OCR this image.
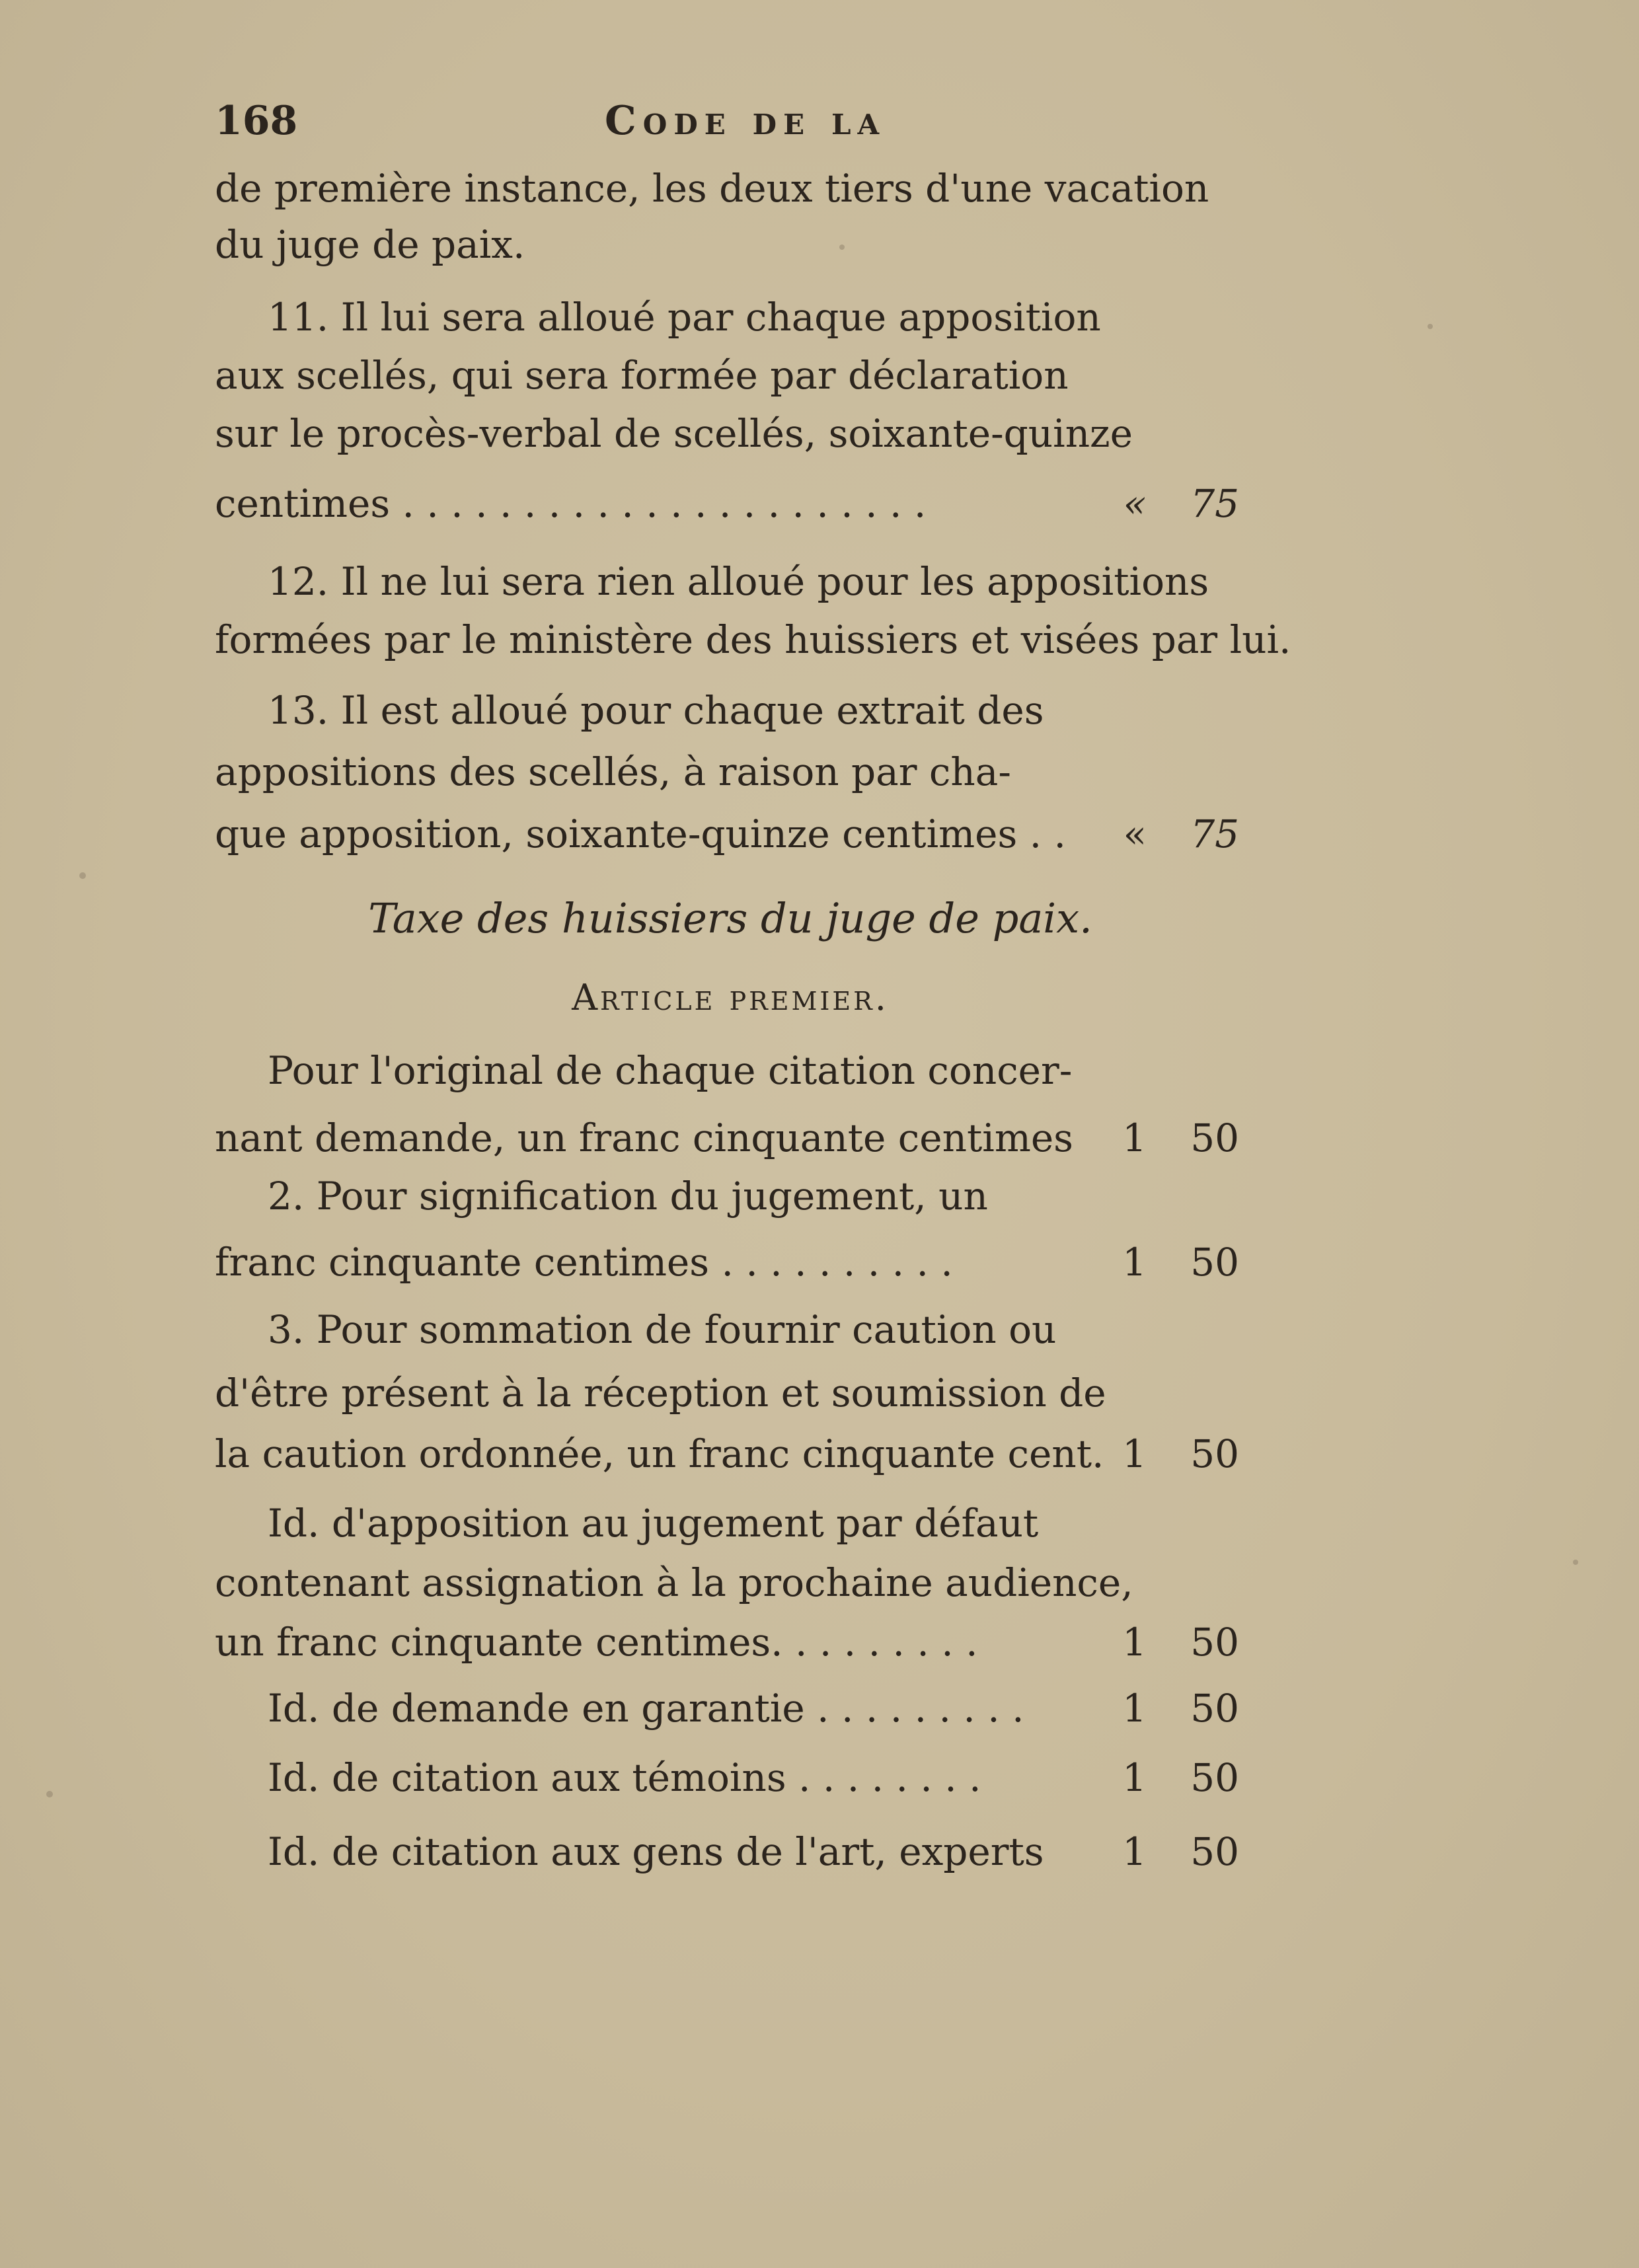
168	Code de la
de première instance, les deux tiers d'une vacation
du juge de paix.
11. Il lui sera alloué par chaque apposition
aux scellés, qui sera formée par déclaration
sur le procès-verbal de scellés, soixante-quinze
centimes . . . . . . . . . . . . . . . . . . . . . .	« 75
12. Il ne lui sera rien alloué pour les appositions
formées par le ministère des huissiers et visées par lui.
13. Il est alloué pour chaque extrait des
appositions des scellés, à raison par cha-
que apposition, soixante-quinze centimes . . « 75
Taxe des huissiers du juge de paix.
Article premier.
Pour l'original de chaque citation concer-
nant demande, un franc cinquante centimes 1 50
2. Pour signification du jugement, un
franc cinquante centimes . . . . . . . . . .	1 50
3. Pour sommation de fournir caution ou
d'être présent à la réception et soumission de
la caution ordonnée, un franc cinquante cent. 1 50
Id. d'apposition au jugement par défaut
contenant assignation à la prochaine audience,
un franc cinquante centimes. . . . . . . . .	1 50
Id. de demande en garantie . . . . . . . . .	1 50
Id. de citation aux témoins . . . . . . . .	1 50
Id. de citation aux gens de l'art, experts 1 50
